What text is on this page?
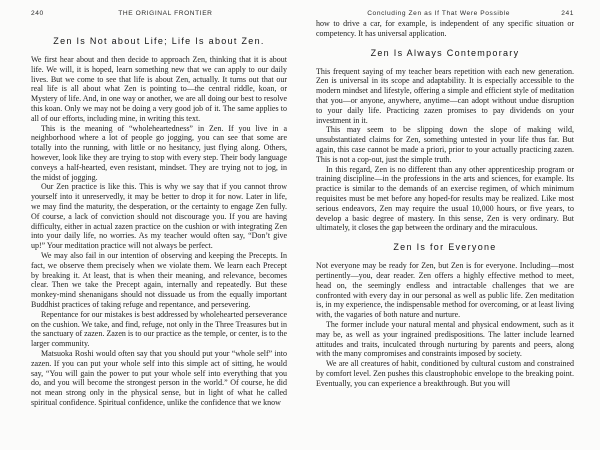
240	THE ORIGINAL FRONTIER
Zen Is Not about Life; Life Is about Zen.

We first hear about and then decide to approach Zen, thinking that it is about life. We will, it is hoped, learn something new that we can apply to our daily lives. But we come to see that life is about Zen, actually. It turns out that our real life is all about what Zen is pointing to—the central riddle, koan, or Mystery of life. And, in one way or another, we are all doing our best to resolve this koan. Only we may not be doing a very good job of it. The same applies to all of our efforts, including mine, in writing this text.

This is the meaning of “wholeheartedness” in Zen. If you live in a neighborhood where a lot of people go jogging, you can see that some are totally into the running, with little or no hesitancy, just flying along. Others, however, look like they are trying to stop with every step. Their body language conveys a half-hearted, even resistant, mindset. They are trying not to jog, in the midst of jogging.

Our Zen practice is like this. This is why we say that if you cannot throw yourself into it unreservedly, it may be better to drop it for now. Later in life, we may find the maturity, the desperation, or the certainty to engage Zen fully. Of course, a lack of conviction should not discourage you. If you are having difficulty, either in actual zazen practice on the cushion or with integrating Zen into your daily life, no worries. As my teacher would often say, “Don’t give up!” Your meditation practice will not always be perfect.

We may also fail in our intention of observing and keeping the Precepts. In fact, we observe them precisely when we violate them. We learn each Precept by breaking it. At least, that is when their meaning, and relevance, becomes clear. Then we take the Precept again, internally and repeatedly. But these monkey-mind shenanigans should not dissuade us from the equally important Buddhist practices of taking refuge and repentance, and persevering.

Repentance for our mistakes is best addressed by wholehearted perseverance on the cushion. We take, and find, refuge, not only in the Three Treasures but in the sanctuary of zazen. Zazen is to our practice as the temple, or center, is to the larger community.

Matsuoka Roshi would often say that you should put your “whole self” into zazen. If you can put your whole self into this simple act of sitting, he would say, “You will gain the power to put your whole self into everything that you do, and you will become the strongest person in the world.” Of course, he did not mean strong only in the physical sense, but in light of what he called spiritual confidence. Spiritual confidence, unlike the confidence that we know

Concluding Zen as If That Were Possible	241

how to drive a car, for example, is independent of any specific situation or competency. It has universal application.

Zen Is Always Contemporary

This frequent saying of my teacher bears repetition with each new generation. Zen is universal in its scope and adaptability. It is especially accessible to the modern mindset and lifestyle, offering a simple and efficient style of meditation that you—or anyone, anywhere, anytime—can adopt without undue disruption to your daily life. Practicing zazen promises to pay dividends on your investment in it.

This may seem to be slipping down the slope of making wild, unsubstantiated claims for Zen, something untested in your life thus far. But again, this case cannot be made a priori, prior to your actually practicing zazen. This is not a cop-out, just the simple truth.

In this regard, Zen is no different than any other apprenticeship program or training discipline—in the professions in the arts and sciences, for example. Its practice is similar to the demands of an exercise regimen, of which minimum requisites must be met before any hoped-for results may be realized. Like most serious endeavors, Zen may require the usual 10,000 hours, or five years, to develop a basic degree of mastery. In this sense, Zen is very ordinary. But ultimately, it closes the gap between the ordinary and the miraculous.

Zen Is for Everyone

Not everyone may be ready for Zen, but Zen is for everyone. Including—most pertinently—you, dear reader. Zen offers a highly effective method to meet, head on, the seemingly endless and intractable challenges that we are confronted with every day in our personal as well as public life. Zen meditation is, in my experience, the indispensable method for overcoming, or at least living with, the vagaries of both nature and nurture.

The former include your natural mental and physical endowment, such as it may be, as well as your ingrained predispositions. The latter include learned attitudes and traits, inculcated through nurturing by parents and peers, along with the many compromises and constraints imposed by society.

We are all creatures of habit, conditioned by cultural custom and constrained by comfort level. Zen pushes this claustrophobic envelope to the breaking point. Eventually, you can experience a breakthrough. But you will
